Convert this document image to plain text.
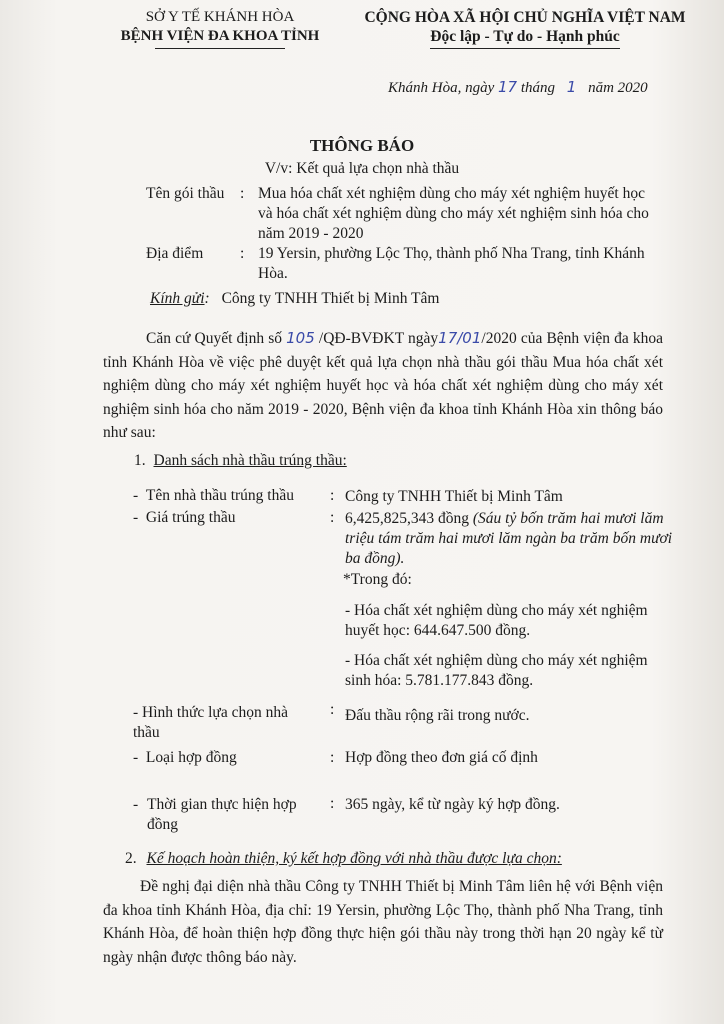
SỞ Y TẾ KHÁNH HÒA
BỆNH VIỆN ĐA KHOA TỈNH
CỘNG HÒA XÃ HỘI CHỦ NGHĨA VIỆT NAM
Độc lập - Tự do - Hạnh phúc
Khánh Hòa, ngày 17 tháng 1 năm 2020
THÔNG BÁO
V/v: Kết quả lựa chọn nhà thầu
Tên gói thầu : Mua hóa chất xét nghiệm dùng cho máy xét nghiệm huyết học và hóa chất xét nghiệm dùng cho máy xét nghiệm sinh hóa cho năm 2019 - 2020
Địa điểm : 19 Yersin, phường Lộc Thọ, thành phố Nha Trang, tỉnh Khánh Hòa.
Kính gửi: Công ty TNHH Thiết bị Minh Tâm
Căn cứ Quyết định số 105 /QĐ-BVĐKT ngày17/01/2020 của Bệnh viện đa khoa tỉnh Khánh Hòa về việc phê duyệt kết quả lựa chọn nhà thầu gói thầu Mua hóa chất xét nghiệm dùng cho máy xét nghiệm huyết học và hóa chất xét nghiệm dùng cho máy xét nghiệm sinh hóa cho năm 2019 - 2020, Bệnh viện đa khoa tỉnh Khánh Hòa xin thông báo như sau:
1. Danh sách nhà thầu trúng thầu:
-  Tên nhà thầu trúng thầu : Công ty TNHH Thiết bị Minh Tâm
-  Giá trúng thầu	: 6,425,825,343 đồng (Sáu tỷ bốn trăm hai mươi lăm triệu tám trăm hai mươi lăm ngàn ba trăm bốn mươi ba đồng).
*Trong đó:
- Hóa chất xét nghiệm dùng cho máy xét nghiệm huyết học: 644.647.500 đồng.
- Hóa chất xét nghiệm dùng cho máy xét nghiệm sinh hóa: 5.781.177.843 đồng.
- Hình thức lựa chọn nhà thầu
: Đấu thầu rộng rãi trong nước.
-  Loại hợp đồng	: Hợp đồng theo đơn giá cố định
- Thời gian thực hiện hợp đồng
: 365 ngày, kể từ ngày ký hợp đồng.
2. Kế hoạch hoàn thiện, ký kết hợp đồng với nhà thầu được lựa chọn:
Đề nghị đại diện nhà thầu Công ty TNHH Thiết bị Minh Tâm liên hệ với Bệnh viện đa khoa tỉnh Khánh Hòa, địa chỉ: 19 Yersin, phường Lộc Thọ, thành phố Nha Trang, tỉnh Khánh Hòa, để hoàn thiện hợp đồng thực hiện gói thầu này trong thời hạn 20 ngày kể từ ngày nhận được thông báo này.
